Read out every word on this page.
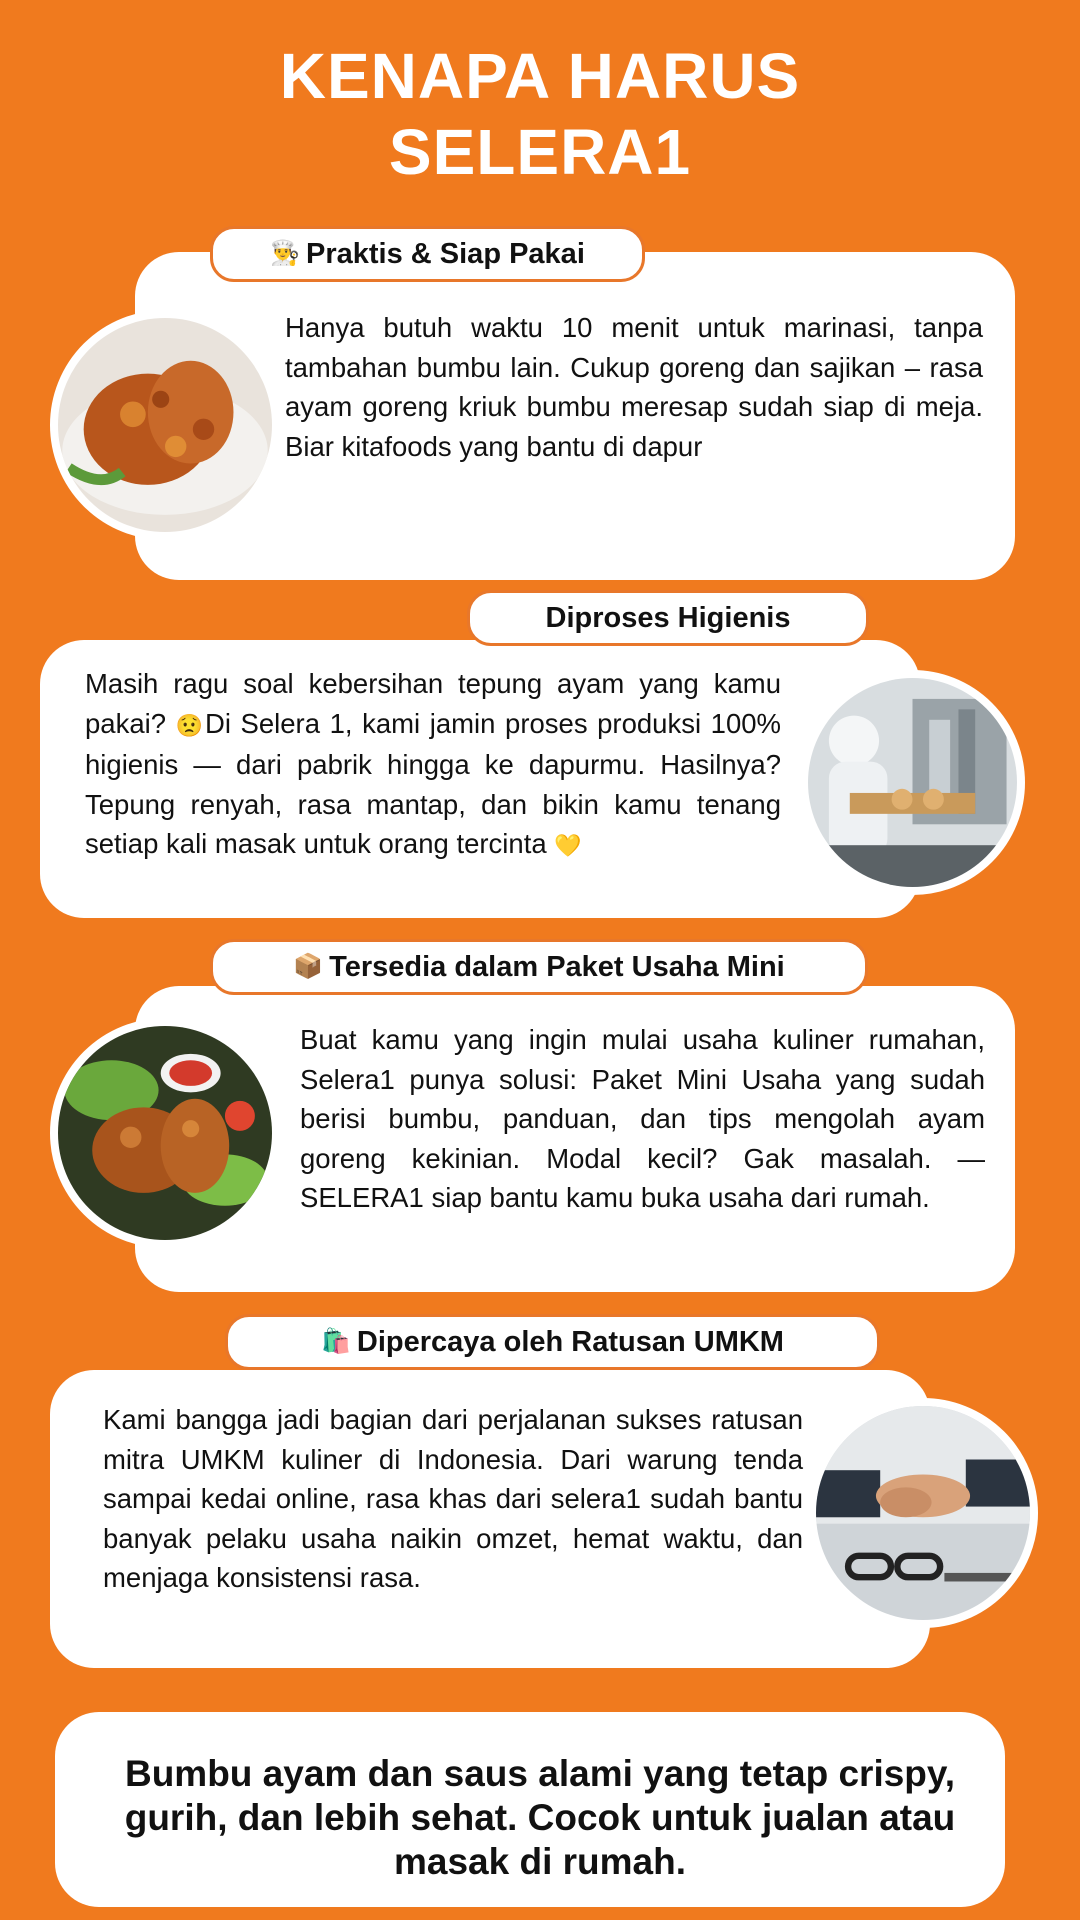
KENAPA HARUS
SELERA1
👨‍🍳 Praktis & Siap Pakai
Hanya butuh waktu 10 menit untuk marinasi, tanpa tambahan bumbu lain. Cukup goreng dan sajikan – rasa ayam goreng kriuk bumbu meresap sudah siap di meja. Biar kitafoods yang bantu di dapur
Diproses Higienis
Masih ragu soal kebersihan tepung ayam yang kamu pakai? 😟Di Selera 1, kami jamin proses produksi 100% higienis — dari pabrik hingga ke dapurmu. Hasilnya? Tepung renyah, rasa mantap, dan bikin kamu tenang setiap kali masak untuk orang tercinta 💛
📦 Tersedia dalam Paket Usaha Mini
Buat kamu yang ingin mulai usaha kuliner rumahan, Selera1 punya solusi: Paket Mini Usaha yang sudah berisi bumbu, panduan, dan tips mengolah ayam goreng kekinian. Modal kecil? Gak masalah. — SELERA1 siap bantu kamu buka usaha dari rumah.
🛍️ Dipercaya oleh Ratusan UMKM
Kami bangga jadi bagian dari perjalanan sukses ratusan mitra UMKM kuliner di Indonesia. Dari warung tenda sampai kedai online, rasa khas dari selera1 sudah bantu banyak pelaku usaha naikin omzet, hemat waktu, dan menjaga konsistensi rasa.
Bumbu ayam dan saus alami yang tetap crispy, gurih, dan lebih sehat. Cocok untuk jualan atau masak di rumah.
